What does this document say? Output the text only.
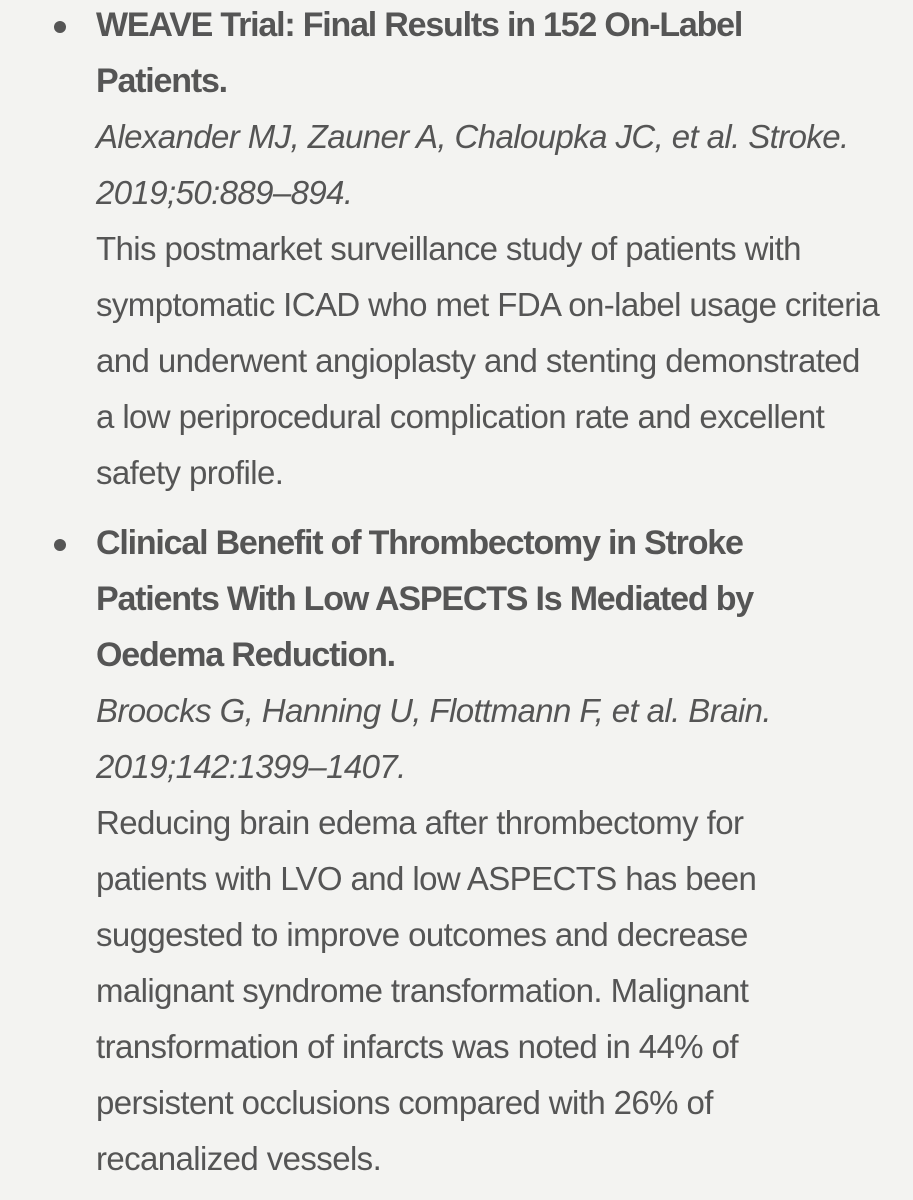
WEAVE Trial: Final Results in 152 On-Label Patients.
Alexander MJ, Zauner A, Chaloupka JC, et al. Stroke. 2019;50:889–894.
This postmarket surveillance study of patients with symptomatic ICAD who met FDA on-label usage criteria and underwent angioplasty and stenting demonstrated a low periprocedural complication rate and excellent safety profile.
Clinical Benefit of Thrombectomy in Stroke Patients With Low ASPECTS Is Mediated by Oedema Reduction.
Broocks G, Hanning U, Flottmann F, et al. Brain. 2019;142:1399–1407.
Reducing brain edema after thrombectomy for patients with LVO and low ASPECTS has been suggested to improve outcomes and decrease malignant syndrome transformation. Malignant transformation of infarcts was noted in 44% of persistent occlusions compared with 26% of recanalized vessels.
